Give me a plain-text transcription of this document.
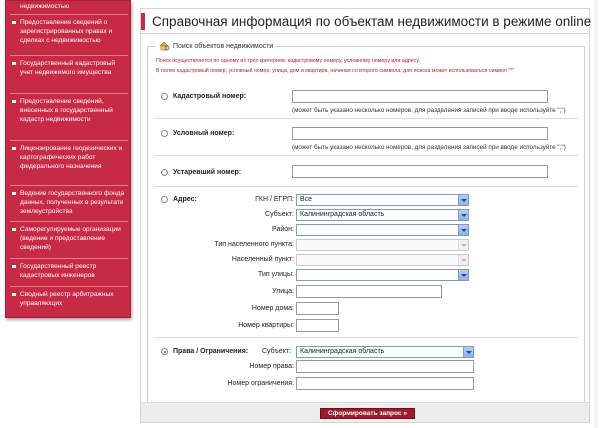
недвижимостью
Предоставление сведений о зарегистрированных правах и сделках с недвижимостью
Государственный кадастровый учет недвижимого имущества
Предоставление сведений, внесенных в государственный кадастр недвижимости
Лицензирование геодезических и картографических работ федерального назначения
Ведение государственного фонда данных, полученных в результате землеустройства
Саморегулируемые организации (ведение и предоставление сведений)
Государственный реестр кадастровых инженеров
Сводный реестр арбитражных управляющих
Справочная информация по объектам недвижимости в режиме online
Поиск объектов недвижимости
Поиск осуществляется по одному из трех критериев: кадастровому номеру, условному номеру или адресу.
В полях кадастровый номер, условный номер, улица, дом и квартира, начиная со второго символа, для поиска может использоваться символ "*"
Кадастровый номер:
(может быть указано несколько номеров, для разделения записей при вводе используйте ";")
Условный номер:
(может быть указано несколько номеров, для разделения записей при вводе используйте ";")
Устаревший номер:
Адрес:	ГКН / ЕГРП: Все
Субъект: Калининградская область
Район:
Тип населенного пункта:
Населенный пункт:
Тип улицы:
Улица:
Номер дома:
Номер квартиры:
Права / Ограничения: Субъект:	Калининградская область
Номер права:
Номер ограничения:
Сформировать запрос »
